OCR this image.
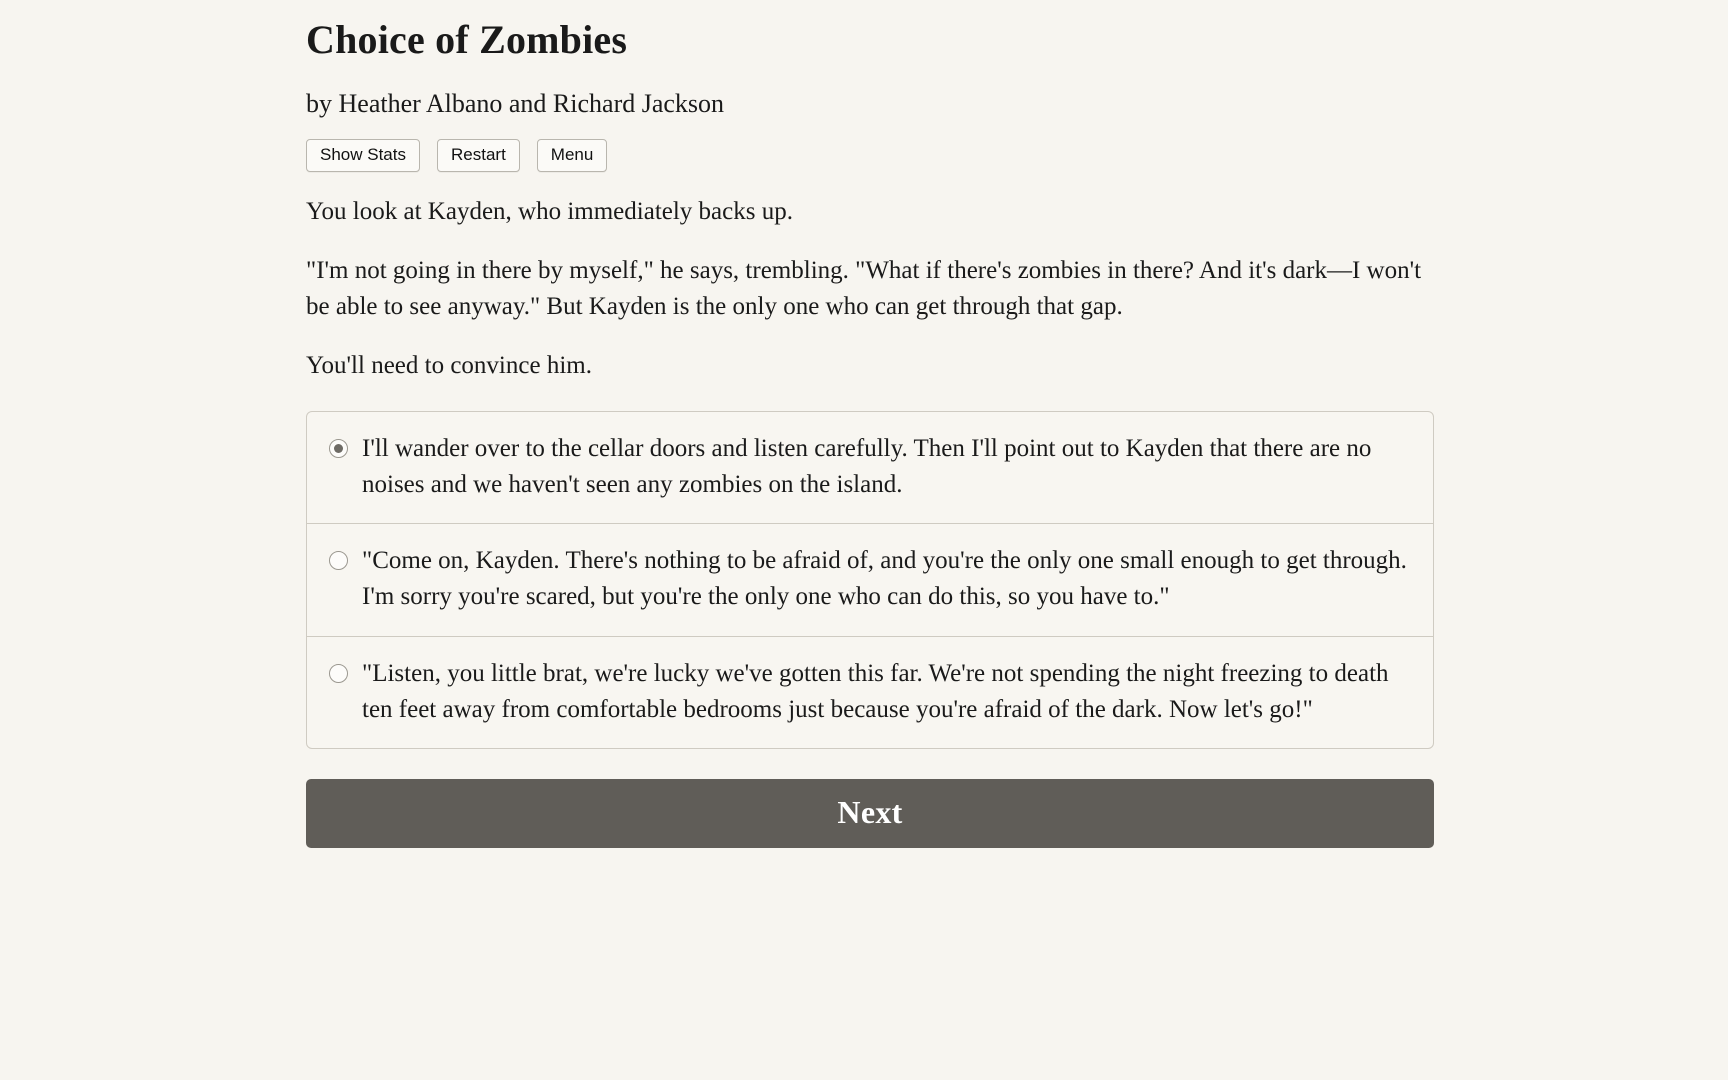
Choice of Zombies
by Heather Albano and Richard Jackson
Show Stats	Restart	Menu

You look at Kayden, who immediately backs up.

"I'm not going in there by myself," he says, trembling. "What if there's zombies in there? And it's dark—I won't be able to see anyway." But Kayden is the only one who can get through that gap.

You'll need to convince him.

I'll wander over to the cellar doors and listen carefully. Then I'll point out to Kayden that there are no noises and we haven't seen any zombies on the island.
"Come on, Kayden. There's nothing to be afraid of, and you're the only one small enough to get through. I'm sorry you're scared, but you're the only one who can do this, so you have to."
"Listen, you little brat, we're lucky we've gotten this far. We're not spending the night freezing to death ten feet away from comfortable bedrooms just because you're afraid of the dark. Now let's go!"
Next
